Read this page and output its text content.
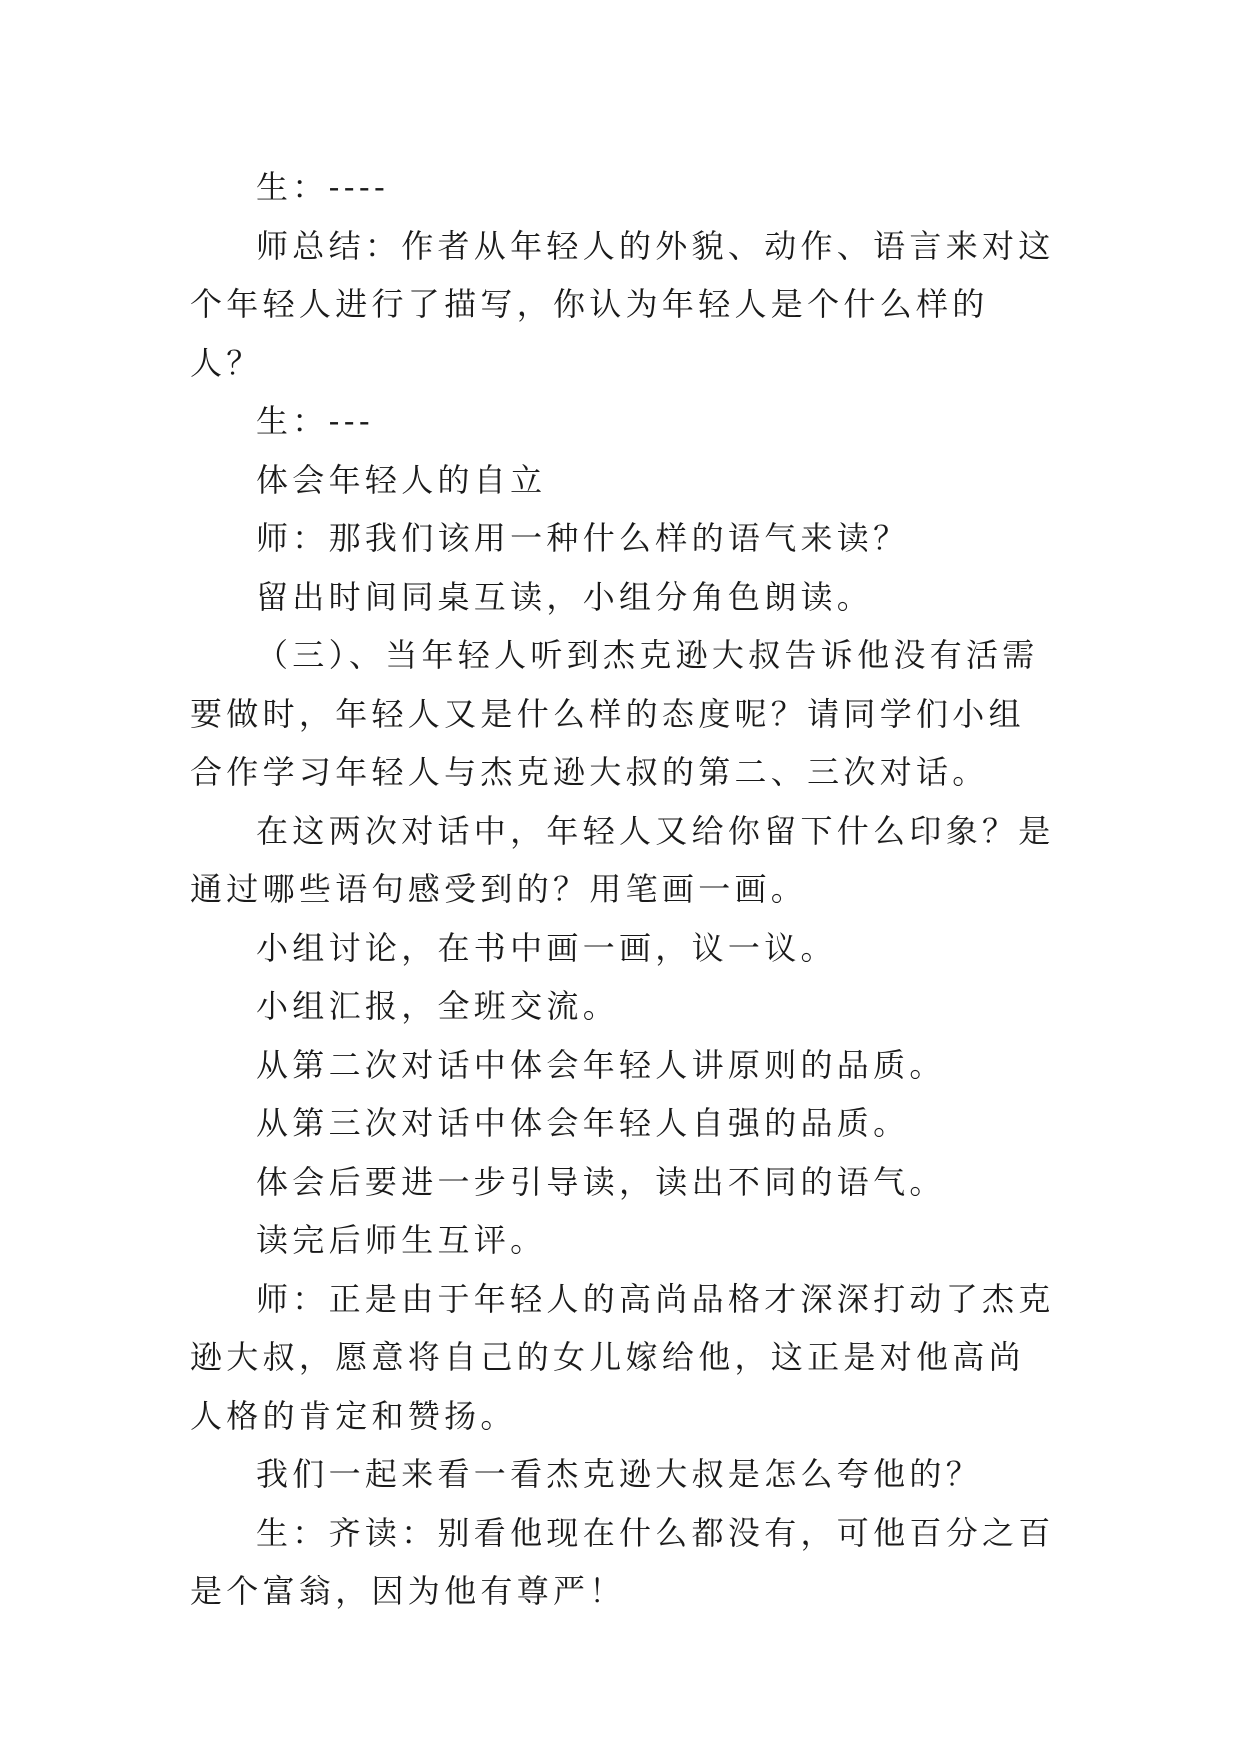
生：----

师总结：作者从年轻人的外貌、动作、语言来对这个年轻人进行了描写，你认为年轻人是个什么样的人？

生：---

体会年轻人的自立

师：那我们该用一种什么样的语气来读？

留出时间同桌互读，小组分角色朗读。

（三）、当年轻人听到杰克逊大叔告诉他没有活需要做时，年轻人又是什么样的态度呢？请同学们小组合作学习年轻人与杰克逊大叔的第二、三次对话。

在这两次对话中，年轻人又给你留下什么印象？是通过哪些语句感受到的？用笔画一画。

小组讨论，在书中画一画，议一议。

小组汇报，全班交流。

从第二次对话中体会年轻人讲原则的品质。

从第三次对话中体会年轻人自强的品质。

体会后要进一步引导读，读出不同的语气。

读完后师生互评。

师：正是由于年轻人的高尚品格才深深打动了杰克逊大叔，愿意将自己的女儿嫁给他，这正是对他高尚人格的肯定和赞扬。

我们一起来看一看杰克逊大叔是怎么夸他的？

生：齐读：别看他现在什么都没有，可他百分之百是个富翁，因为他有尊严！
